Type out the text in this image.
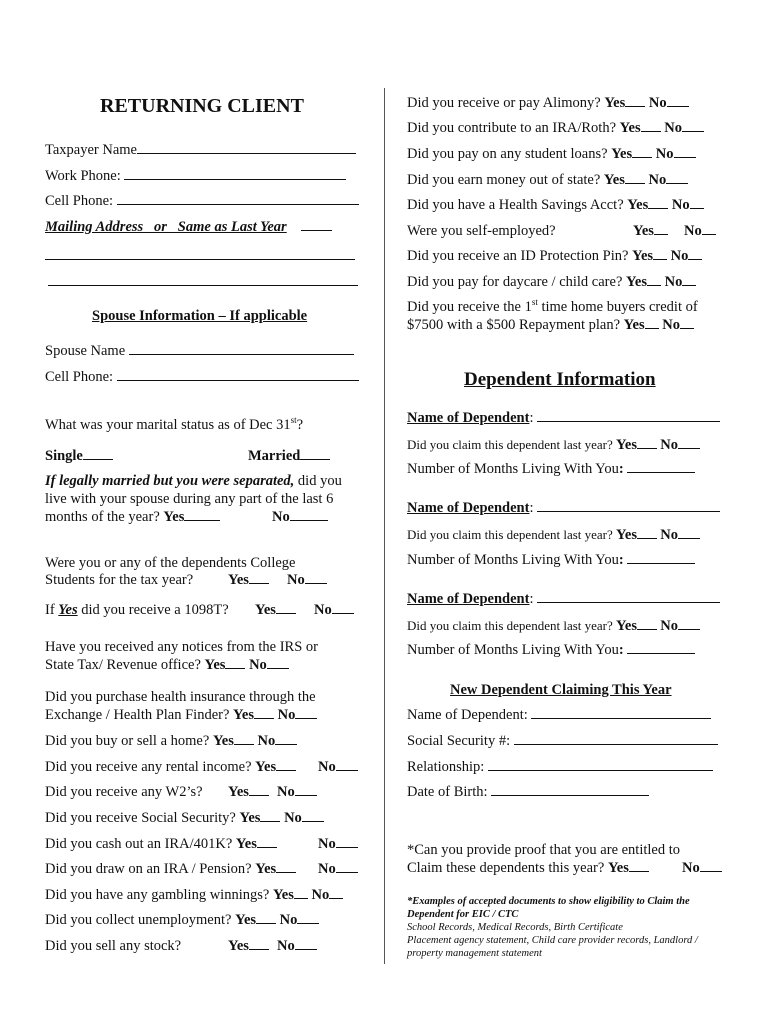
RETURNING CLIENT
Taxpayer Name
Work Phone:
Cell Phone:
Mailing Address   or   Same as Last Year
Spouse Information – If applicable
Spouse Name
Cell Phone:
What was your marital status as of Dec 31st?
Single	Married
If legally married but you were separated, did you
live with your spouse during any part of the last 6
months of the year? Yes	No
Were you or any of the dependents College
Students for the tax year? Yes	No
If Yes did you receive a 1098T? Yes	No
Have you received any notices from the IRS or
State Tax/ Revenue office? Yes No
Did you purchase health insurance through the
Exchange / Health Plan Finder? Yes No
Did you buy or sell a home? Yes No
Did you receive any rental income? Yes	No
Did you receive any W2’s? Yes	No
Did you receive Social Security? Yes No
Did you cash out an IRA/401K? Yes	No
Did you draw on an IRA / Pension? Yes	No
Did you have any gambling winnings? Yes No
Did you collect unemployment? Yes No
Did you sell any stock?	Yes	No
Did you receive or pay Alimony? Yes No
Did you contribute to an IRA/Roth? Yes No
Did you pay on any student loans? Yes No
Did you earn money out of state? Yes No
Did you have a Health Savings Acct? Yes No
Were you self-employed?	Yes	No
Did you receive an ID Protection Pin? Yes No
Did you pay for daycare / child care? Yes No
Did you receive the 1st time home buyers credit of
$7500 with a $500 Repayment plan? Yes No
Dependent Information
Name of Dependent:
Did you claim this dependent last year? Yes No
Number of Months Living With You:
Name of Dependent:
Did you claim this dependent last year? Yes No
Number of Months Living With You:
Name of Dependent:
Did you claim this dependent last year? Yes No
Number of Months Living With You:
New Dependent Claiming This Year
Name of Dependent:
Social Security #:
Relationship:
Date of Birth:
*Can you provide proof that you are entitled to
Claim these dependents this year? Yes	No
*Examples of accepted documents to show eligibility to Claim the
Dependent for EIC / CTC
School Records, Medical Records, Birth Certificate
Placement agency statement, Child care provider records, Landlord /
property management statement
